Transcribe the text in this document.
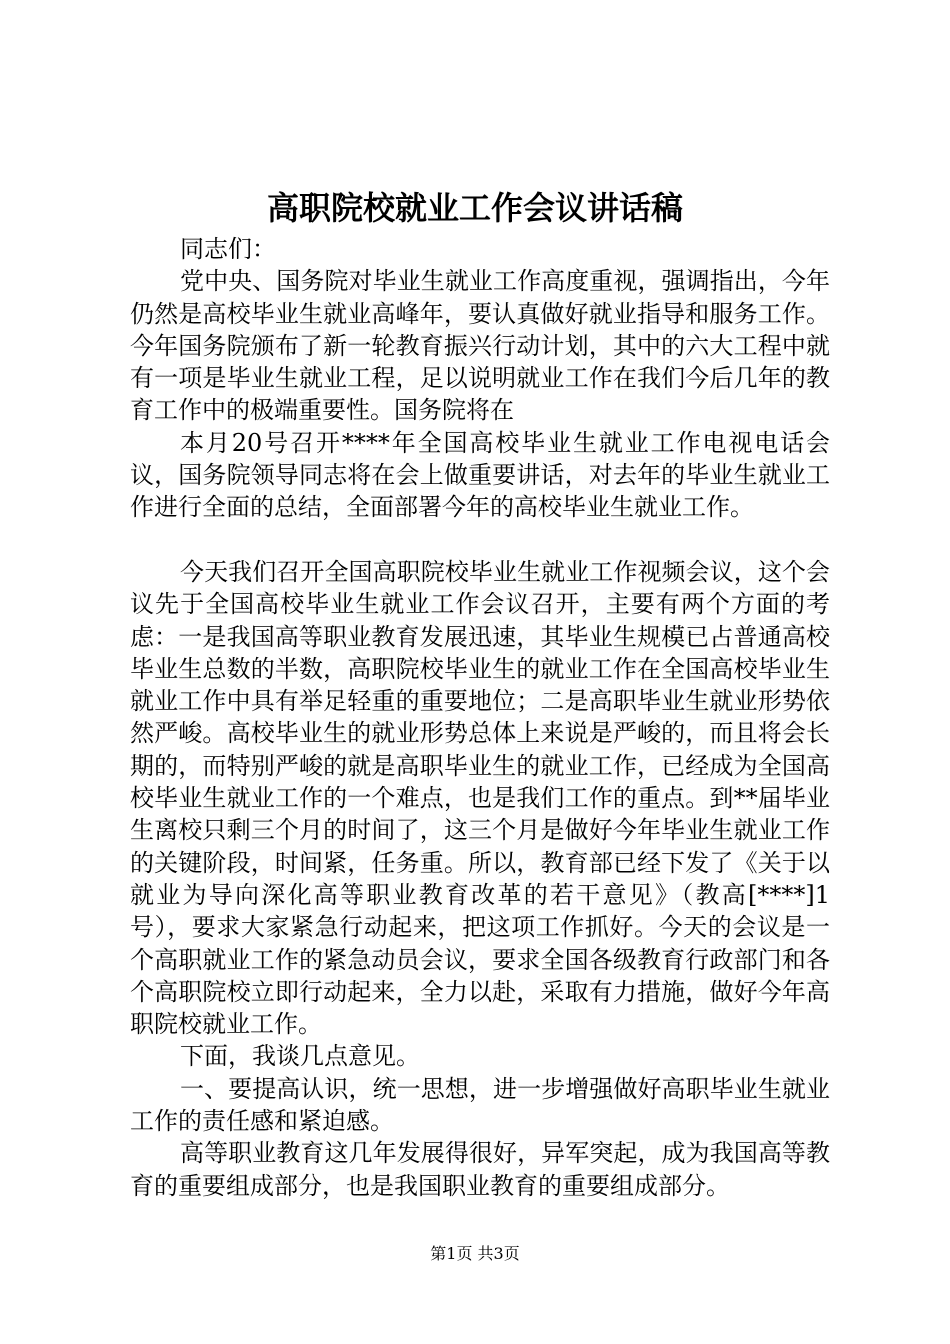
高职院校就业工作会议讲话稿

同志们：

党中央、国务院对毕业生就业工作高度重视，强调指出，今年仍然是高校毕业生就业高峰年，要认真做好就业指导和服务工作。今年国务院颁布了新一轮教育振兴行动计划，其中的六大工程中就有一项是毕业生就业工程，足以说明就业工作在我们今后几年的教育工作中的极端重要性。国务院将在

本月20号召开****年全国高校毕业生就业工作电视电话会议，国务院领导同志将在会上做重要讲话，对去年的毕业生就业工作进行全面的总结，全面部署今年的高校毕业生就业工作。

今天我们召开全国高职院校毕业生就业工作视频会议，这个会议先于全国高校毕业生就业工作会议召开，主要有两个方面的考虑：一是我国高等职业教育发展迅速，其毕业生规模已占普通高校毕业生总数的半数，高职院校毕业生的就业工作在全国高校毕业生就业工作中具有举足轻重的重要地位；二是高职毕业生就业形势依然严峻。高校毕业生的就业形势总体上来说是严峻的，而且将会长期的，而特别严峻的就是高职毕业生的就业工作，已经成为全国高校毕业生就业工作的一个难点，也是我们工作的重点。到**届毕业生离校只剩三个月的时间了，这三个月是做好今年毕业生就业工作的关键阶段，时间紧，任务重。所以，教育部已经下发了《关于以就业为导向深化高等职业教育改革的若干意见》（教高[****]1号），要求大家紧急行动起来，把这项工作抓好。今天的会议是一个高职就业工作的紧急动员会议，要求全国各级教育行政部门和各个高职院校立即行动起来，全力以赴，采取有力措施，做好今年高职院校就业工作。

下面，我谈几点意见。

一、要提高认识，统一思想，进一步增强做好高职毕业生就业工作的责任感和紧迫感。

高等职业教育这几年发展得很好，异军突起，成为我国高等教育的重要组成部分，也是我国职业教育的重要组成部分。

第1页 共3页
